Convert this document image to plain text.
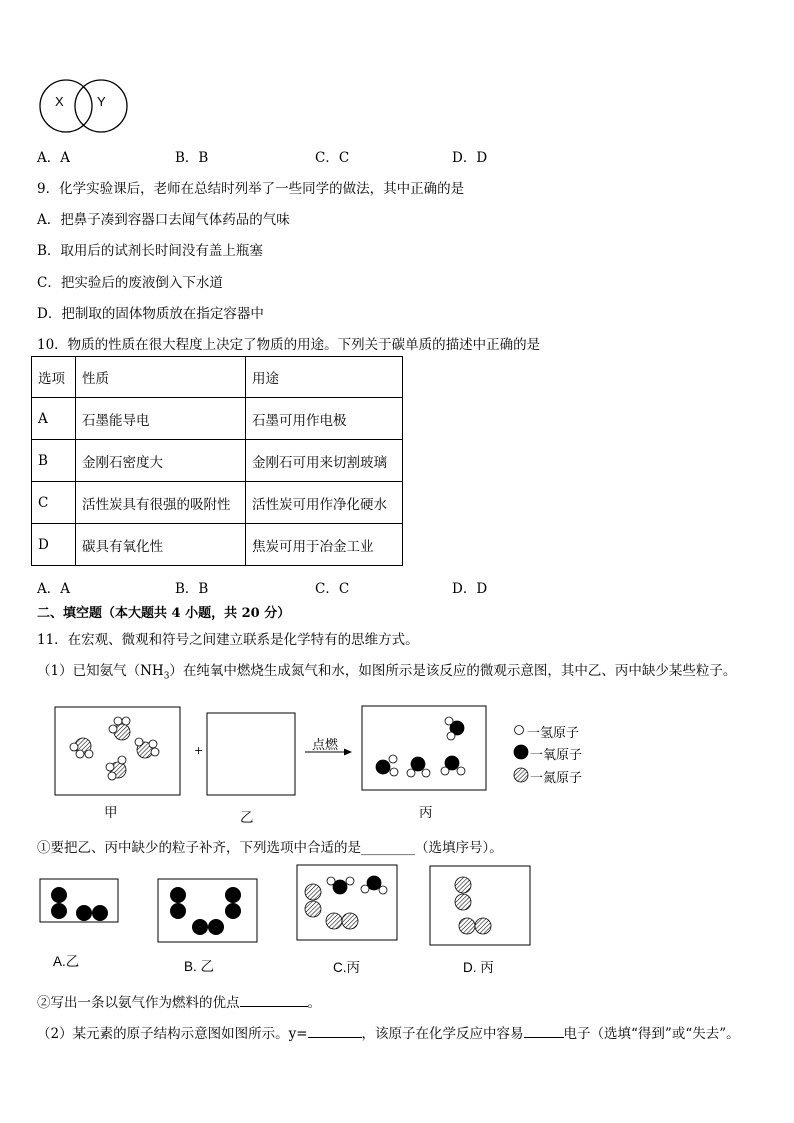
X	Y
A．A	B．B	C．C	D．D
9．化学实验课后，老师在总结时列举了一些同学的做法，其中正确的是
A．把鼻子凑到容器口去闻气体药品的气味
B．取用后的试剂长时间没有盖上瓶塞
C．把实验后的废液倒入下水道
D．把制取的固体物质放在指定容器中
10．物质的性质在很大程度上决定了物质的用途。下列关于碳单质的描述中正确的是
选项	性质	用途
A	石墨能导电	石墨可用作电极
B	金刚石密度大	金刚石可用来切割玻璃
C	活性炭具有很强的吸附性	活性炭可用作净化硬水
D	碳具有氧化性	焦炭可用于冶金工业
A．A	B．B	C．C	D．D
二、填空题（本大题共 4 小题，共 20 分）
11．在宏观、微观和符号之间建立联系是化学特有的思维方式。
（1）已知氨气$(NH_3)$在纯氧中燃烧生成氮气和水，如图所示是该反应的微观示意图，其中乙、丙中缺少某些粒子。
+	点燃
甲	乙	丙
一氢原子
一氧原子
一氮原子
①要把乙、丙中缺少的粒子补齐，下列选项中合适的是________（选填序号）。
A.乙	B. 乙	C.丙	D. 丙
②写出一条以氨气作为燃料的优点	。
（2）某元素的原子结构示意图如图所示。y=	，该原子在化学反应中容易	电子（选填“得到”或“失去”。
